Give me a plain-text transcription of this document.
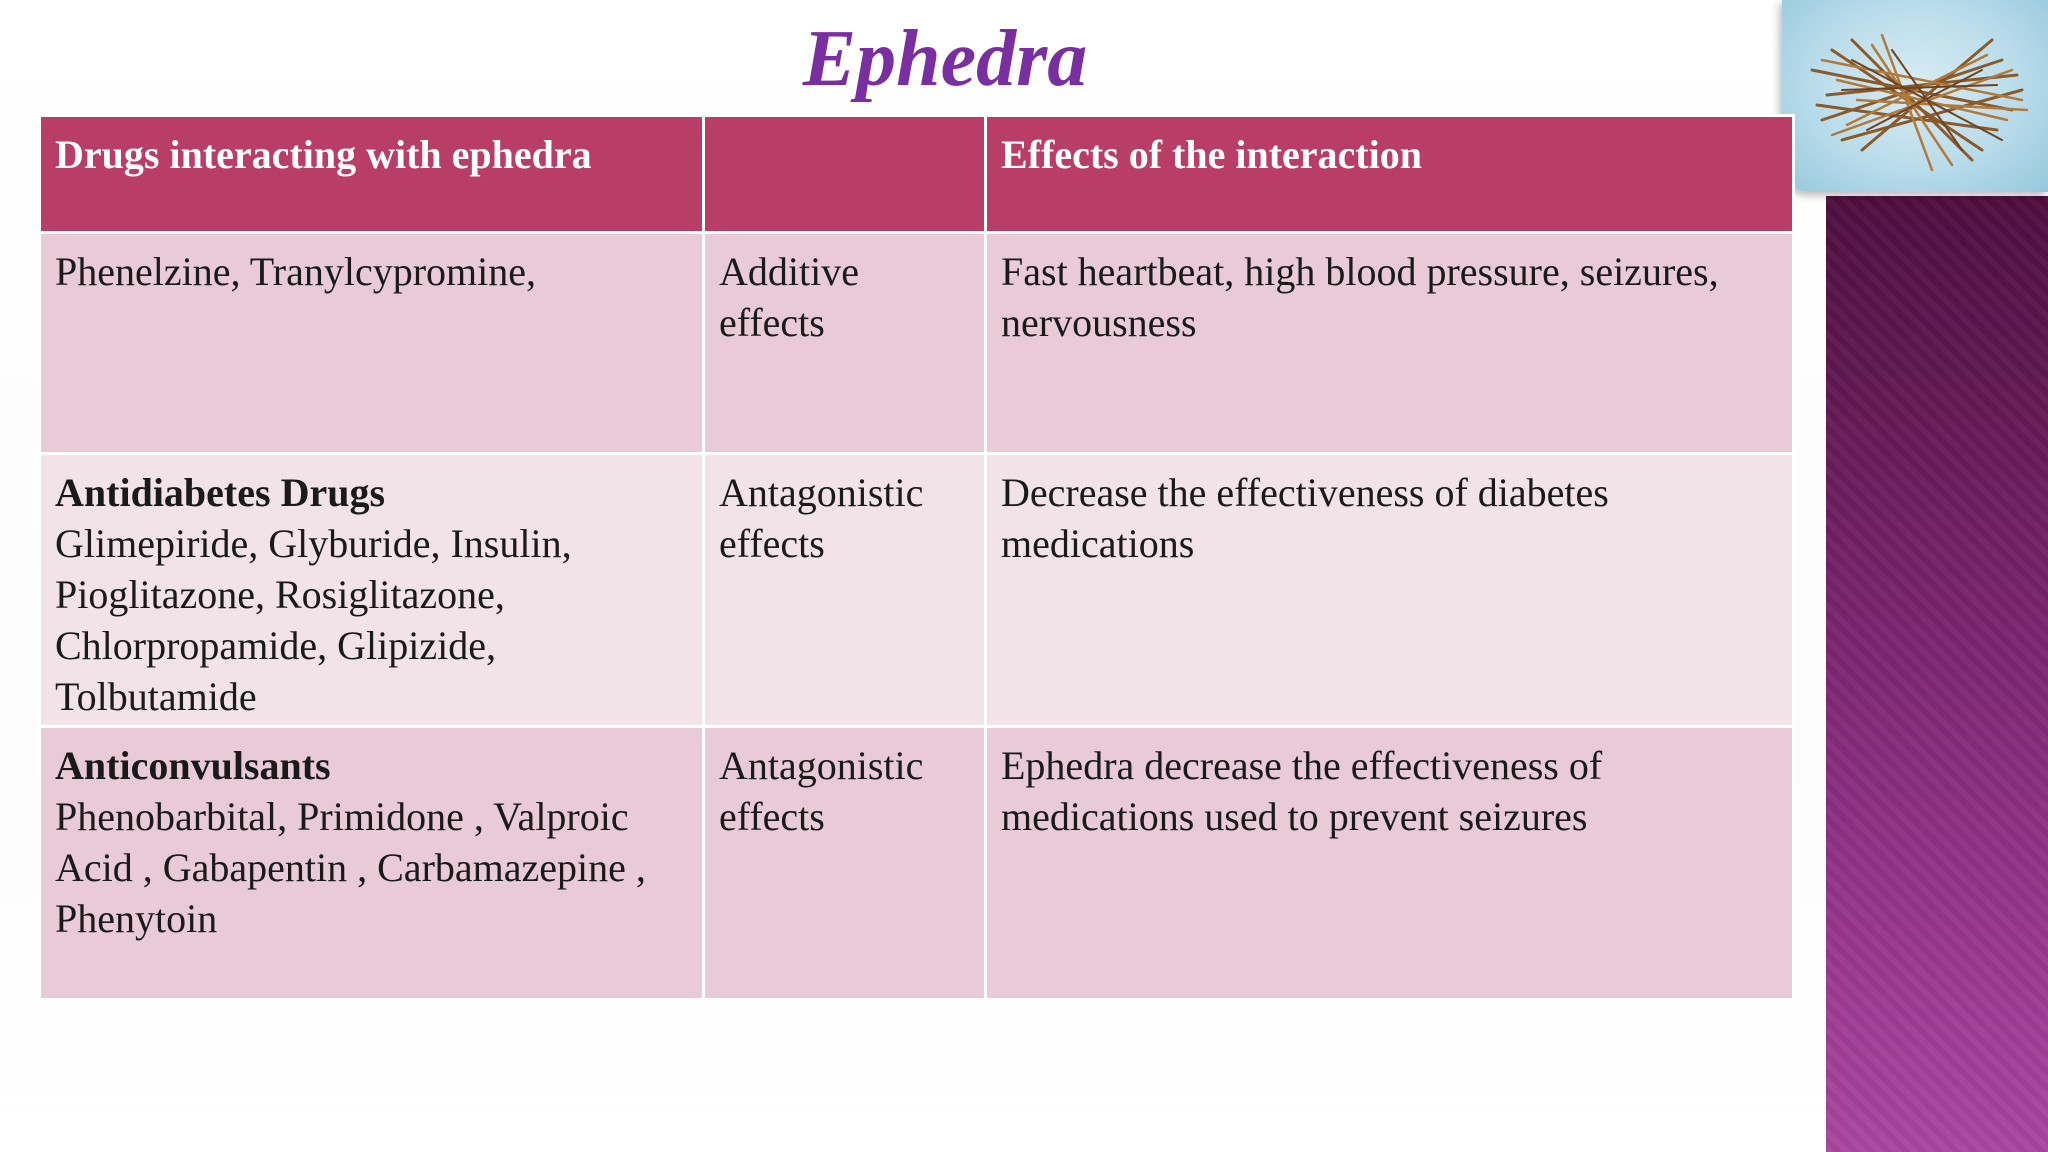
Ephedra
Drugs interacting with ephedra		Effects of the interaction
Phenelzine, Tranylcypromine,	Additive effects	Fast heartbeat, high blood pressure, seizures, nervousness

Antidiabetes Drugs
Glimepiride, Glyburide, Insulin, Pioglitazone, Rosiglitazone, Chlorpropamide, Glipizide, Tolbutamide	Antagonistic effects	Decrease the effectiveness of diabetes medications

Anticonvulsants
Phenobarbital, Primidone , Valproic Acid , Gabapentin , Carbamazepine , Phenytoin	Antagonistic effects	Ephedra decrease the effectiveness of medications used to prevent seizures
